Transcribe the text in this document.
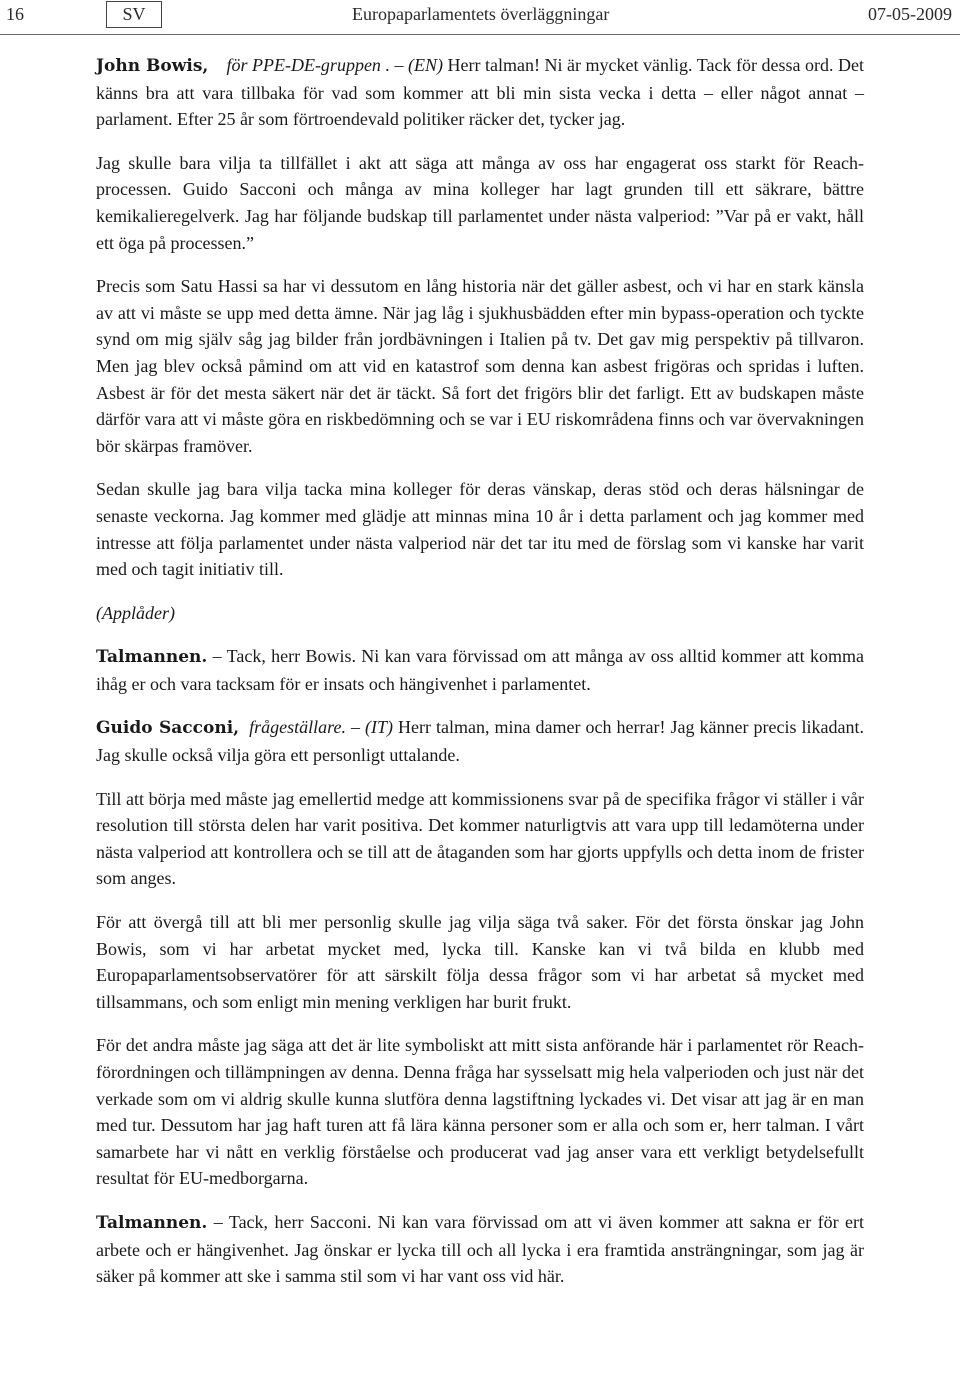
16	SV	Europaparlamentets överläggningar	07-05-2009

John Bowis, för PPE-DE-gruppen . – (EN) Herr talman! Ni är mycket vänlig. Tack för dessa ord. Det känns bra att vara tillbaka för vad som kommer att bli min sista vecka i detta – eller något annat – parlament. Efter 25 år som förtroendevald politiker räcker det, tycker jag.

Jag skulle bara vilja ta tillfället i akt att säga att många av oss har engagerat oss starkt för Reach-processen. Guido Sacconi och många av mina kolleger har lagt grunden till ett säkrare, bättre kemikalieregelverk. Jag har följande budskap till parlamentet under nästa valperiod: ”Var på er vakt, håll ett öga på processen.”

Precis som Satu Hassi sa har vi dessutom en lång historia när det gäller asbest, och vi har en stark känsla av att vi måste se upp med detta ämne. När jag låg i sjukhusbädden efter min bypass-operation och tyckte synd om mig själv såg jag bilder från jordbävningen i Italien på tv. Det gav mig perspektiv på tillvaron. Men jag blev också påmind om att vid en katastrof som denna kan asbest frigöras och spridas i luften. Asbest är för det mesta säkert när det är täckt. Så fort det frigörs blir det farligt. Ett av budskapen måste därför vara att vi måste göra en riskbedömning och se var i EU riskområdena finns och var övervakningen bör skärpas framöver.

Sedan skulle jag bara vilja tacka mina kolleger för deras vänskap, deras stöd och deras hälsningar de senaste veckorna. Jag kommer med glädje att minnas mina 10 år i detta parlament och jag kommer med intresse att följa parlamentet under nästa valperiod när det tar itu med de förslag som vi kanske har varit med och tagit initiativ till.

(Applåder)

Talmannen. – Tack, herr Bowis. Ni kan vara förvissad om att många av oss alltid kommer att komma ihåg er och vara tacksam för er insats och hängivenhet i parlamentet.

Guido Sacconi, frågeställare. – (IT) Herr talman, mina damer och herrar! Jag känner precis likadant. Jag skulle också vilja göra ett personligt uttalande.

Till att börja med måste jag emellertid medge att kommissionens svar på de specifika frågor vi ställer i vår resolution till största delen har varit positiva. Det kommer naturligtvis att vara upp till ledamöterna under nästa valperiod att kontrollera och se till att de åtaganden som har gjorts uppfylls och detta inom de frister som anges.

För att övergå till att bli mer personlig skulle jag vilja säga två saker. För det första önskar jag John Bowis, som vi har arbetat mycket med, lycka till. Kanske kan vi två bilda en klubb med Europaparlamentsobservatörer för att särskilt följa dessa frågor som vi har arbetat så mycket med tillsammans, och som enligt min mening verkligen har burit frukt.

För det andra måste jag säga att det är lite symboliskt att mitt sista anförande här i parlamentet rör Reach-förordningen och tillämpningen av denna. Denna fråga har sysselsatt mig hela valperioden och just när det verkade som om vi aldrig skulle kunna slutföra denna lagstiftning lyckades vi. Det visar att jag är en man med tur. Dessutom har jag haft turen att få lära känna personer som er alla och som er, herr talman. I vårt samarbete har vi nått en verklig förståelse och producerat vad jag anser vara ett verkligt betydelsefullt resultat för EU-medborgarna.

Talmannen. – Tack, herr Sacconi. Ni kan vara förvissad om att vi även kommer att sakna er för ert arbete och er hängivenhet. Jag önskar er lycka till och all lycka i era framtida ansträngningar, som jag är säker på kommer att ske i samma stil som vi har vant oss vid här.
